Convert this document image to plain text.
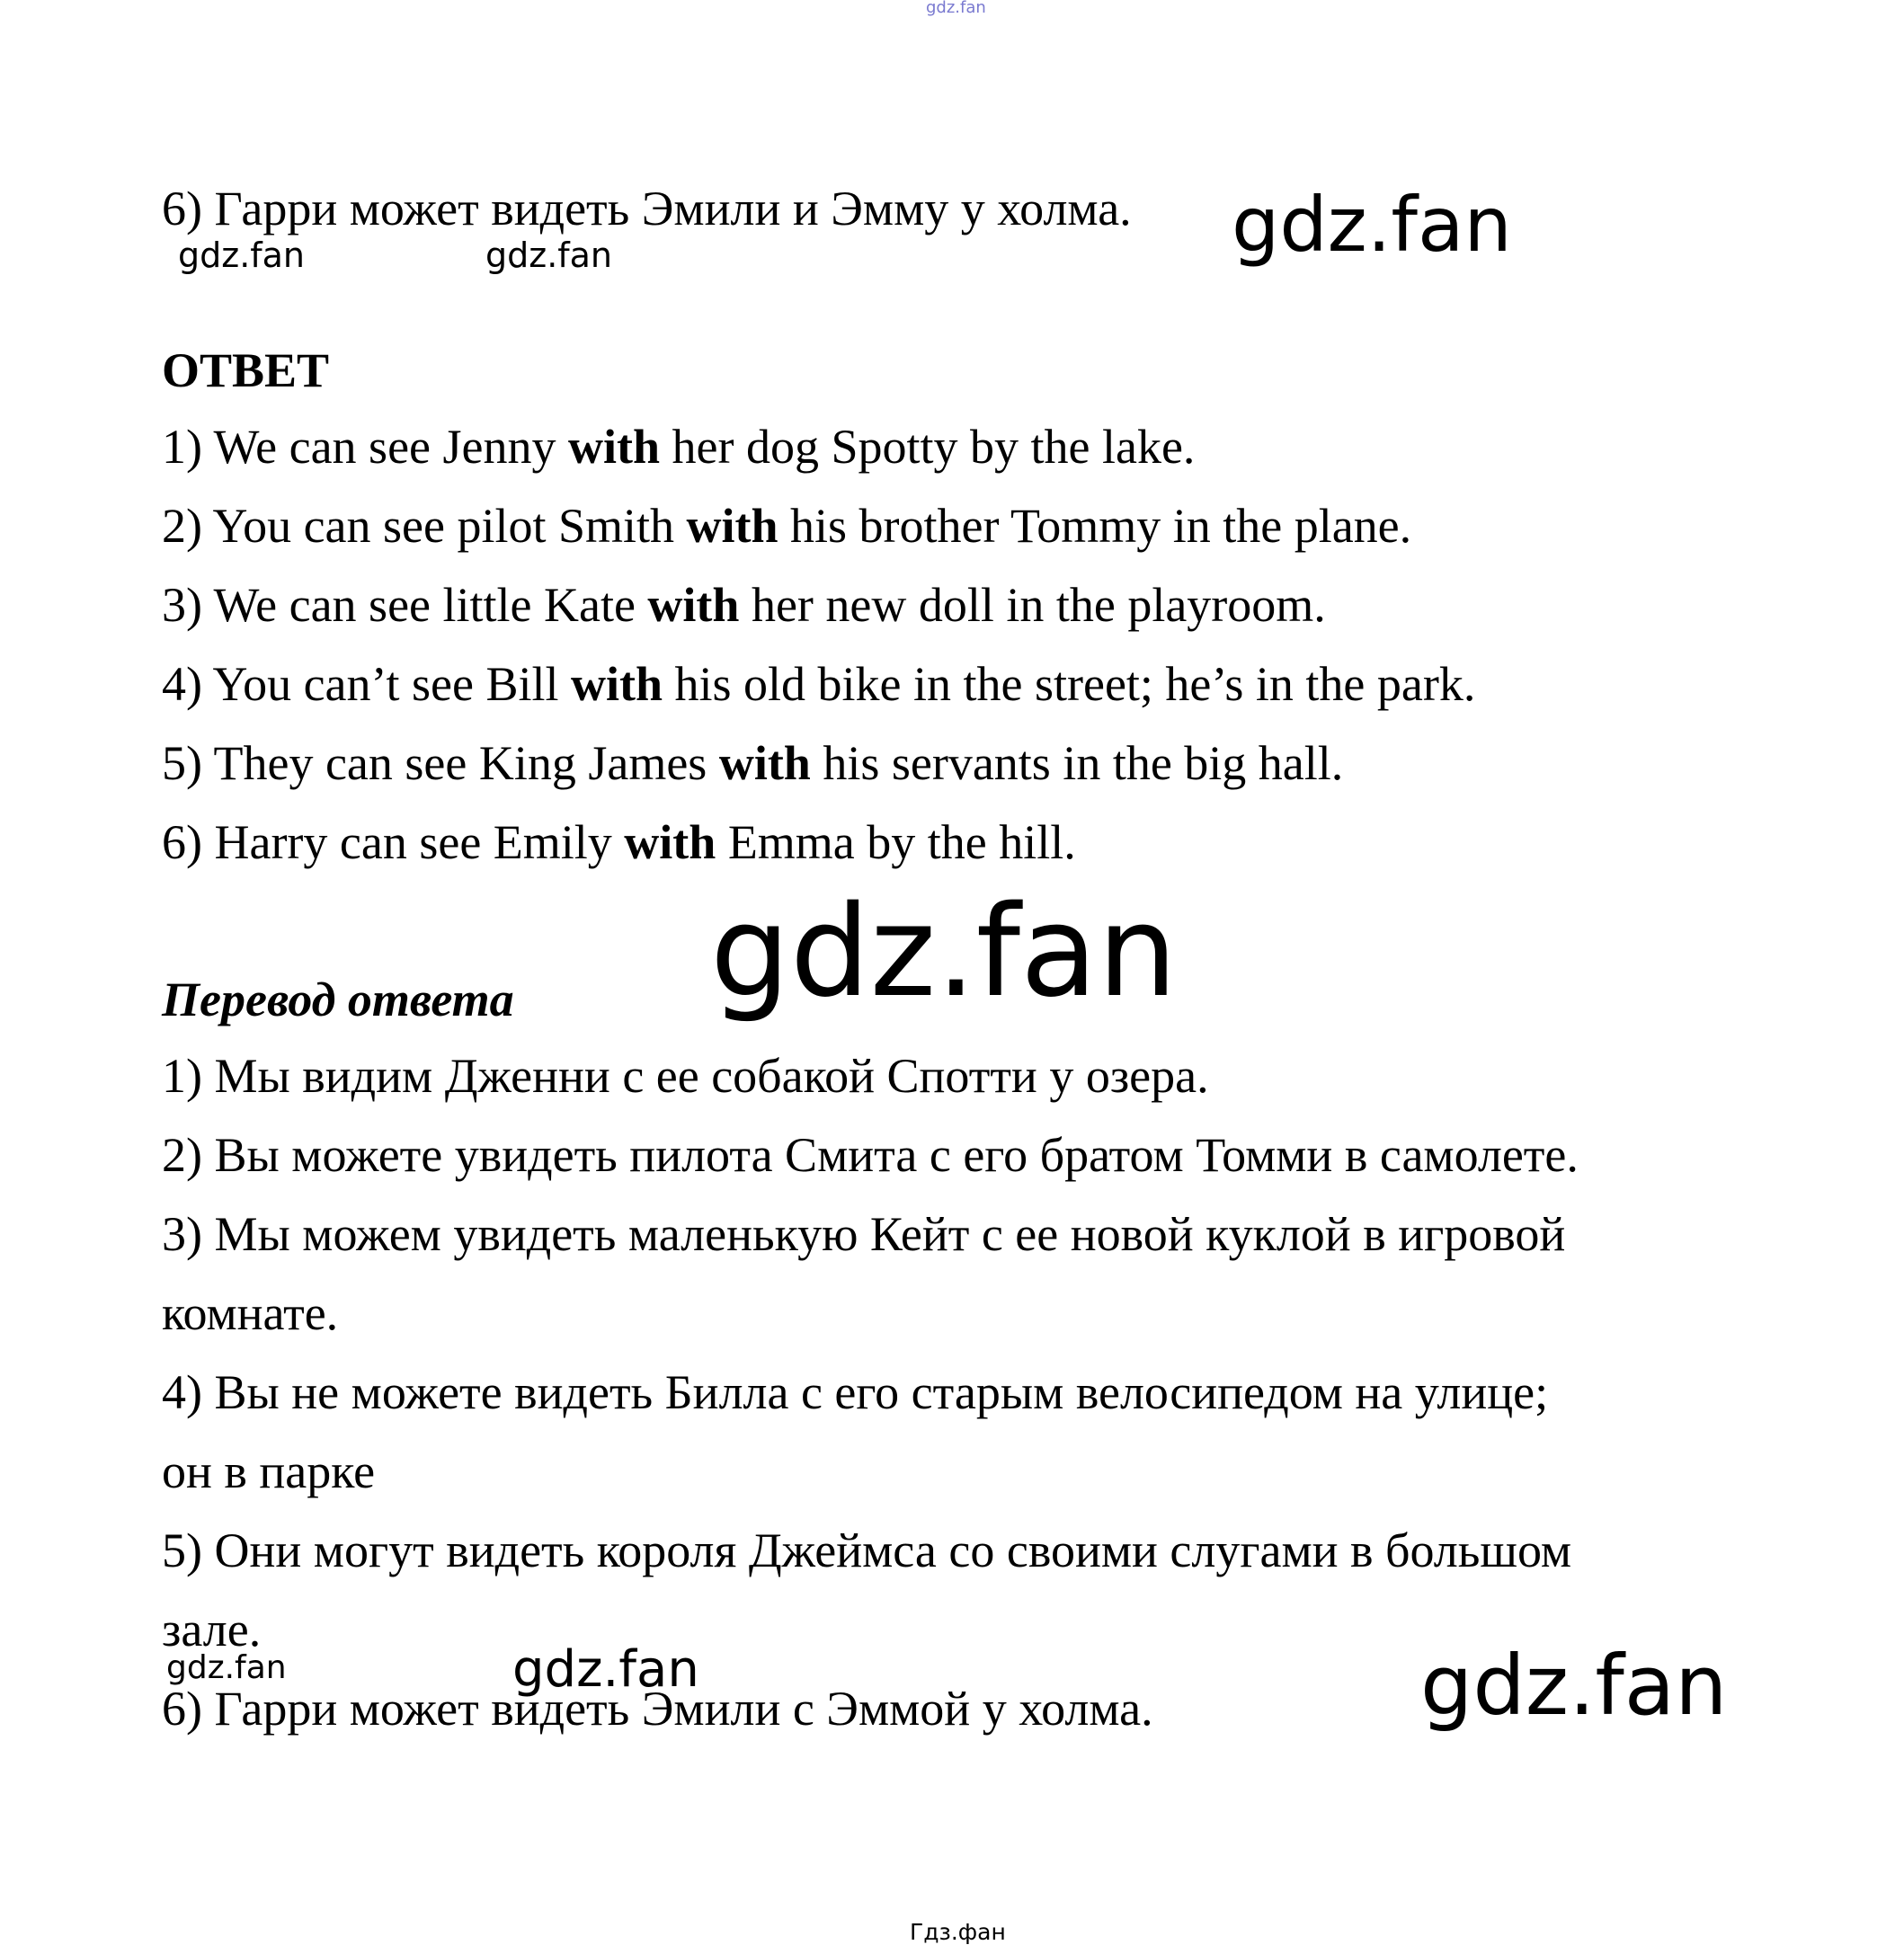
gdz.fan

6) Гарри может видеть Эмили и Эмму у холма. gdz.fan
gdz.fan	gdz.fan

ОТВЕТ

1) We can see Jenny with her dog Spotty by the lake.

2) You can see pilot Smith with his brother Tommy in the plane.

3) We can see little Kate with her new doll in the playroom.

4) You can’t see Bill with his old bike in the street; he’s in the park.

5) They can see King James with his servants in the big hall.

6) Harry can see Emily with Emma by the hill.

gdz.fan

Перевод ответа

1) Мы видим Дженни с ее собакой Спотти у озера.

2) Вы можете увидеть пилота Смита с его братом Томми в самолете.

3) Мы можем увидеть маленькую Кейт с ее новой куклой в игровой

комнате.

4) Вы не можете видеть Билла с его старым велосипедом на улице;

он в парке

5) Они могут видеть короля Джеймса со своими слугами в большом

зале.

6) Гарри может видеть Эмили с Эммой у холма.

gdz.fan	gdz.fan	gdz.fan
Гдз.фан
